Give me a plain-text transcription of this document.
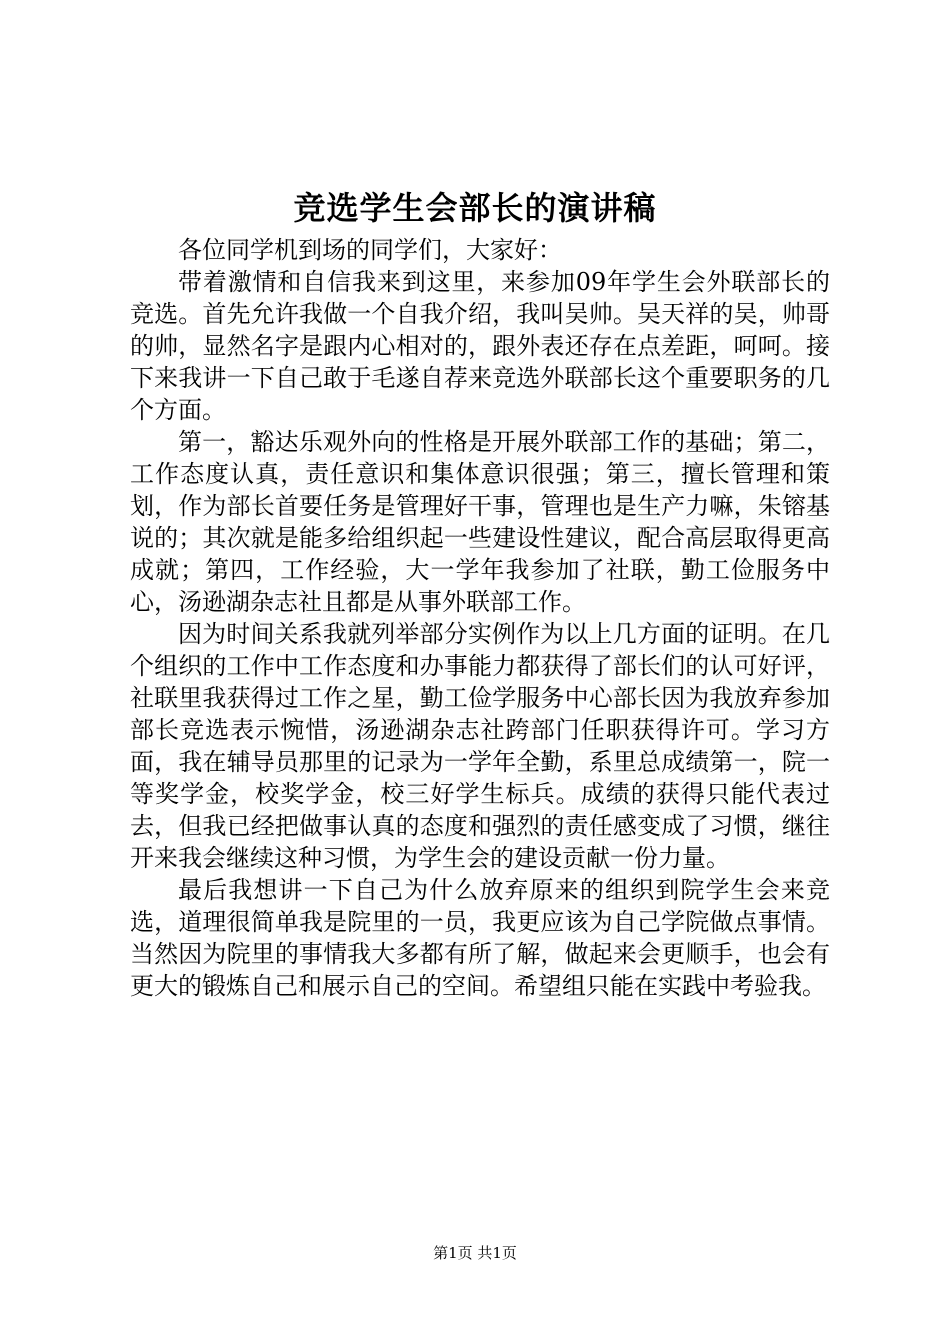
竞选学生会部长的演讲稿

各位同学机到场的同学们，大家好：

带着激情和自信我来到这里，来参加09年学生会外联部长的竞选。首先允许我做一个自我介绍，我叫吴帅。吴天祥的吴，帅哥的帅，显然名字是跟内心相对的，跟外表还存在点差距，呵呵。接下来我讲一下自己敢于毛遂自荐来竞选外联部长这个重要职务的几个方面。

第一，豁达乐观外向的性格是开展外联部工作的基础；第二，工作态度认真，责任意识和集体意识很强；第三，擅长管理和策划，作为部长首要任务是管理好干事，管理也是生产力嘛，朱镕基说的；其次就是能多给组织起一些建设性建议，配合高层取得更高成就；第四，工作经验，大一学年我参加了社联，勤工俭服务中心，汤逊湖杂志社且都是从事外联部工作。

因为时间关系我就列举部分实例作为以上几方面的证明。在几个组织的工作中工作态度和办事能力都获得了部长们的认可好评，社联里我获得过工作之星，勤工俭学服务中心部长因为我放弃参加部长竞选表示惋惜，汤逊湖杂志社跨部门任职获得许可。学习方面，我在辅导员那里的记录为一学年全勤，系里总成绩第一，院一等奖学金，校奖学金，校三好学生标兵。成绩的获得只能代表过去，但我已经把做事认真的态度和强烈的责任感变成了习惯，继往开来我会继续这种习惯，为学生会的建设贡献一份力量。

最后我想讲一下自己为什么放弃原来的组织到院学生会来竞选，道理很简单我是院里的一员，我更应该为自己学院做点事情。当然因为院里的事情我大多都有所了解，做起来会更顺手，也会有更大的锻炼自己和展示自己的空间。希望组只能在实践中考验我。

第1页 共1页
